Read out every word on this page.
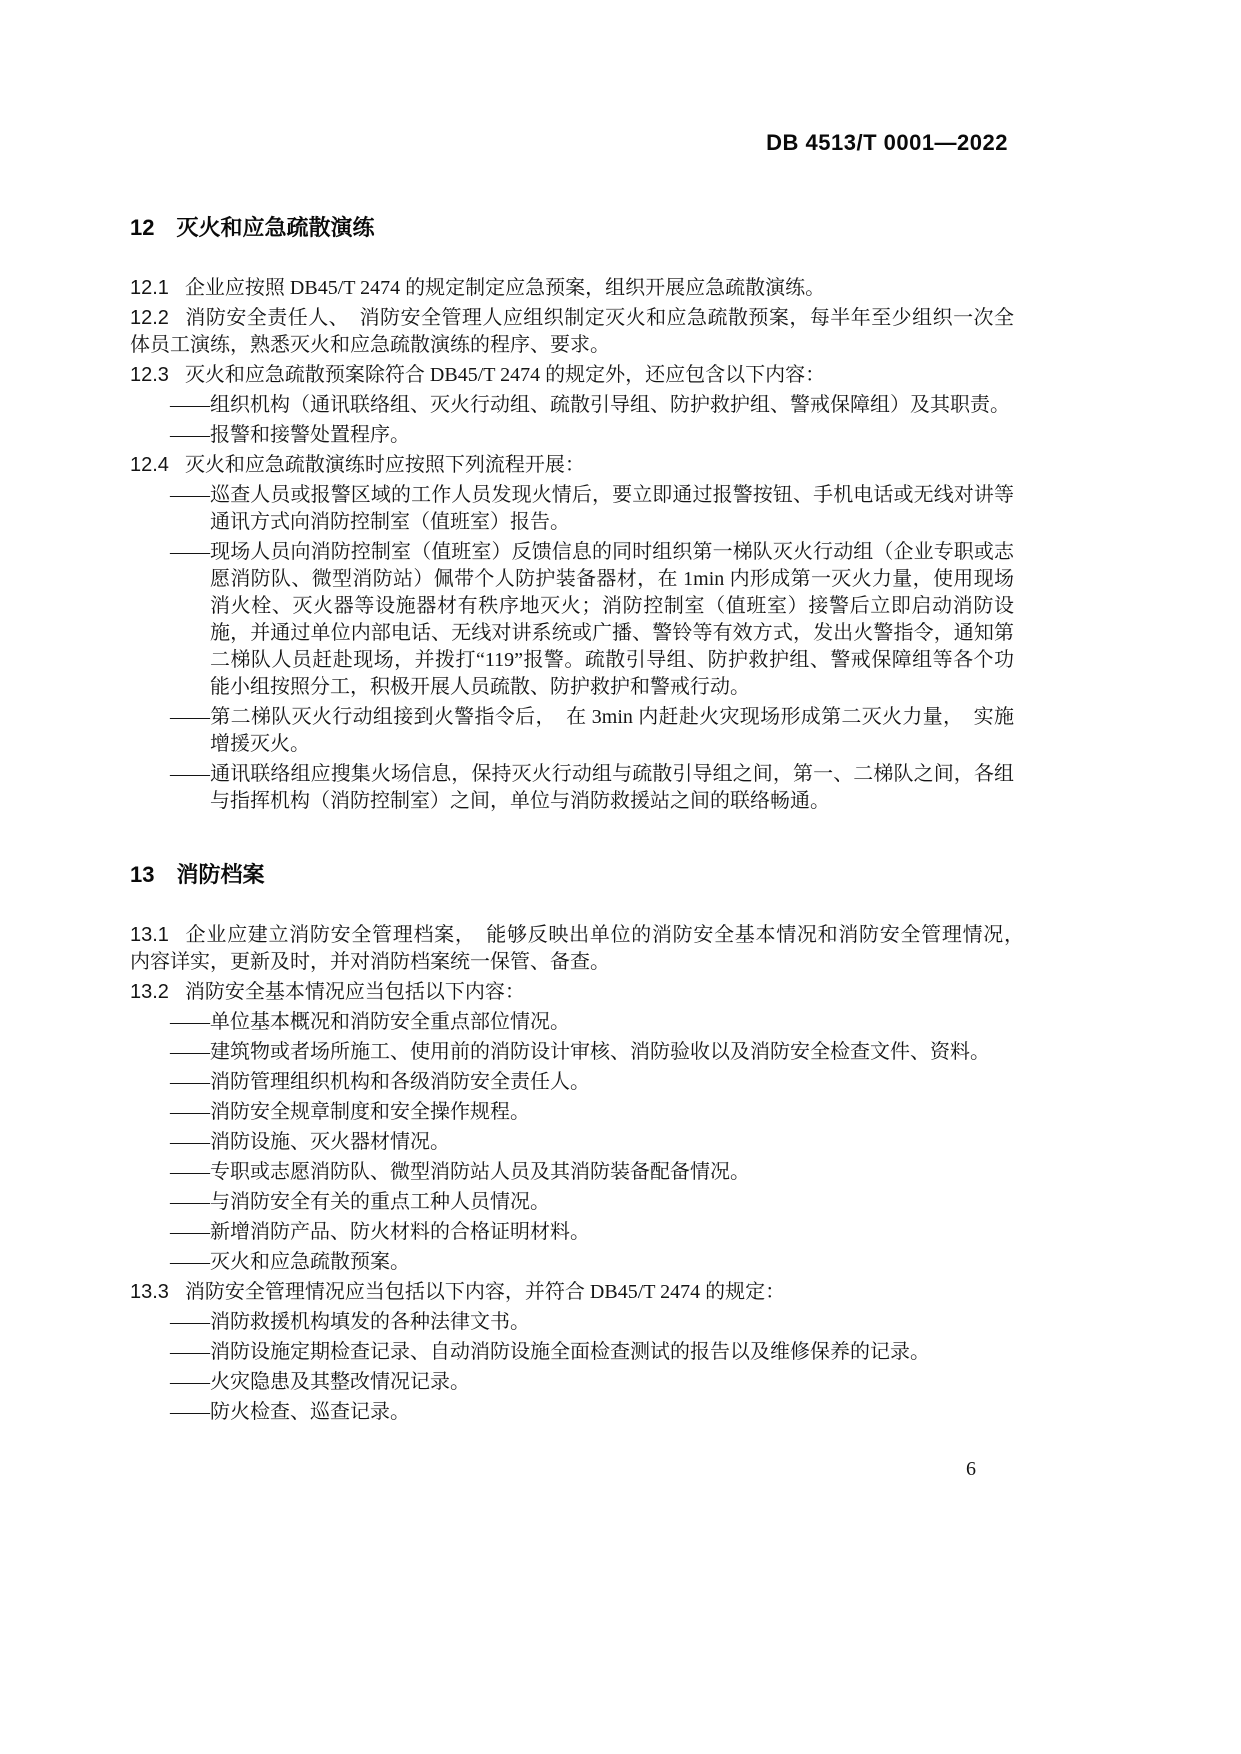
DB 4513/T 0001—2022
12　灭火和应急疏散演练

12.1 企业应按照 DB45/T 2474 的规定制定应急预案，组织开展应急疏散演练。

12.2 消防安全责任人、　消防安全管理人应组织制定灭火和应急疏散预案，每半年至少组织一次全体员工演练，熟悉灭火和应急疏散演练的程序、要求。

12.3 灭火和应急疏散预案除符合 DB45/T 2474 的规定外，还应包含以下内容：

——组织机构（通讯联络组、灭火行动组、疏散引导组、防护救护组、警戒保障组）及其职责。

——报警和接警处置程序。

12.4 灭火和应急疏散演练时应按照下列流程开展：

——巡查人员或报警区域的工作人员发现火情后，要立即通过报警按钮、手机电话或无线对讲等通讯方式向消防控制室（值班室）报告。

——现场人员向消防控制室（值班室）反馈信息的同时组织第一梯队灭火行动组（企业专职或志愿消防队、微型消防站）佩带个人防护装备器材，在 1min 内形成第一灭火力量，使用现场消火栓、灭火器等设施器材有秩序地灭火；消防控制室（值班室）接警后立即启动消防设施，并通过单位内部电话、无线对讲系统或广播、警铃等有效方式，发出火警指令，通知第二梯队人员赶赴现场，并拨打“119”报警。疏散引导组、防护救护组、警戒保障组等各个功能小组按照分工，积极开展人员疏散、防护救护和警戒行动。

——第二梯队灭火行动组接到火警指令后，　在 3min 内赶赴火灾现场形成第二灭火力量，　实施增援灭火。

——通讯联络组应搜集火场信息，保持灭火行动组与疏散引导组之间，第一、二梯队之间，各组与指挥机构（消防控制室）之间，单位与消防救援站之间的联络畅通。

13　消防档案

13.1 企业应建立消防安全管理档案，　能够反映出单位的消防安全基本情况和消防安全管理情况，　内容详实，更新及时，并对消防档案统一保管、备查。

13.2 消防安全基本情况应当包括以下内容：

——单位基本概况和消防安全重点部位情况。

——建筑物或者场所施工、使用前的消防设计审核、消防验收以及消防安全检查文件、资料。

——消防管理组织机构和各级消防安全责任人。

——消防安全规章制度和安全操作规程。

——消防设施、灭火器材情况。

——专职或志愿消防队、微型消防站人员及其消防装备配备情况。

——与消防安全有关的重点工种人员情况。

——新增消防产品、防火材料的合格证明材料。

——灭火和应急疏散预案。

13.3 消防安全管理情况应当包括以下内容，并符合 DB45/T 2474 的规定：

——消防救援机构填发的各种法律文书。

——消防设施定期检查记录、自动消防设施全面检查测试的报告以及维修保养的记录。

——火灾隐患及其整改情况记录。

——防火检查、巡查记录。

6
